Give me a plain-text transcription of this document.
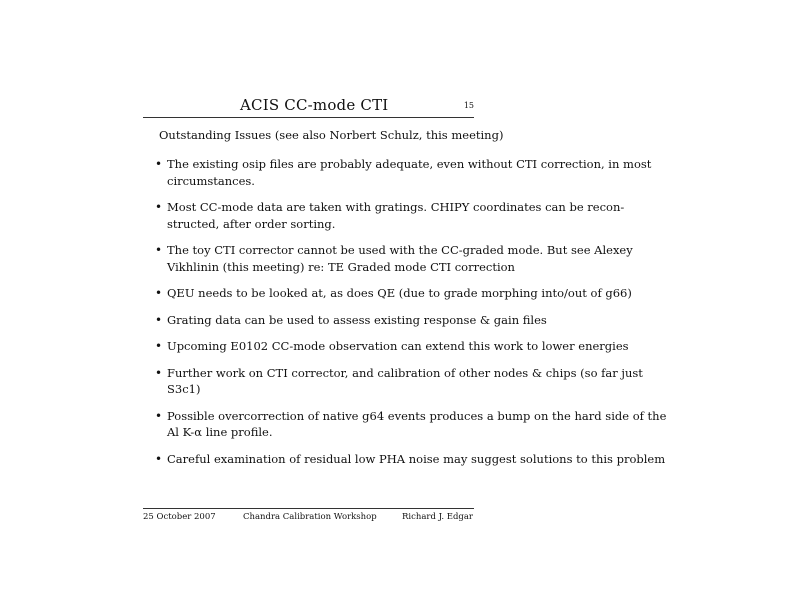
ACIS CC-mode CTI	15
Outstanding Issues (see also Norbert Schulz, this meeting)
• The existing osip files are probably adequate, even without CTI correction, in most
circumstances.
• Most CC-mode data are taken with gratings. CHIPY coordinates can be recon-
structed, after order sorting.
• The toy CTI corrector cannot be used with the CC-graded mode. But see Alexey
Vikhlinin (this meeting) re: TE Graded mode CTI correction
• QEU needs to be looked at, as does QE (due to grade morphing into/out of g66)
• Grating data can be used to assess existing response & gain files
• Upcoming E0102 CC-mode observation can extend this work to lower energies
• Further work on CTI corrector, and calibration of other nodes & chips (so far just
S3c1)
• Possible overcorrection of native g64 events produces a bump on the hard side of the
Al K-α line profile.
• Careful examination of residual low PHA noise may suggest solutions to this problem
25 October 2007	Chandra Calibration Workshop	Richard J. Edgar
